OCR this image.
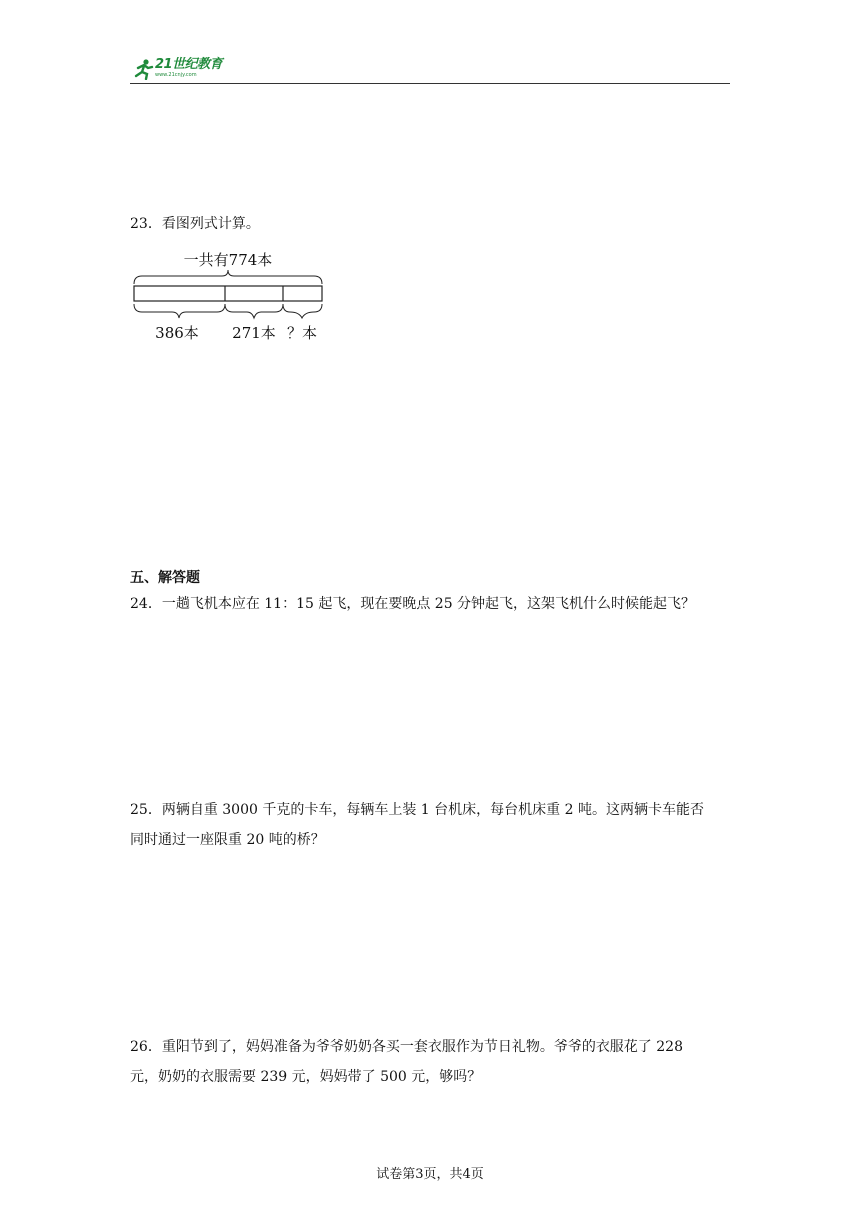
21世纪教育
www.21cnjy.com
23．看图列式计算。
一共有774本
386本 271本 ？本
五、解答题
24．一趟飞机本应在 11：15 起飞，现在要晚点 25 分钟起飞，这架飞机什么时候能起飞？
25．两辆自重 3000 千克的卡车，每辆车上装 1 台机床，每台机床重 2 吨。这两辆卡车能否
同时通过一座限重 20 吨的桥？
26．重阳节到了，妈妈准备为爷爷奶奶各买一套衣服作为节日礼物。爷爷的衣服花了 228
元，奶奶的衣服需要 239 元，妈妈带了 500 元，够吗？
试卷第3页，共4页
